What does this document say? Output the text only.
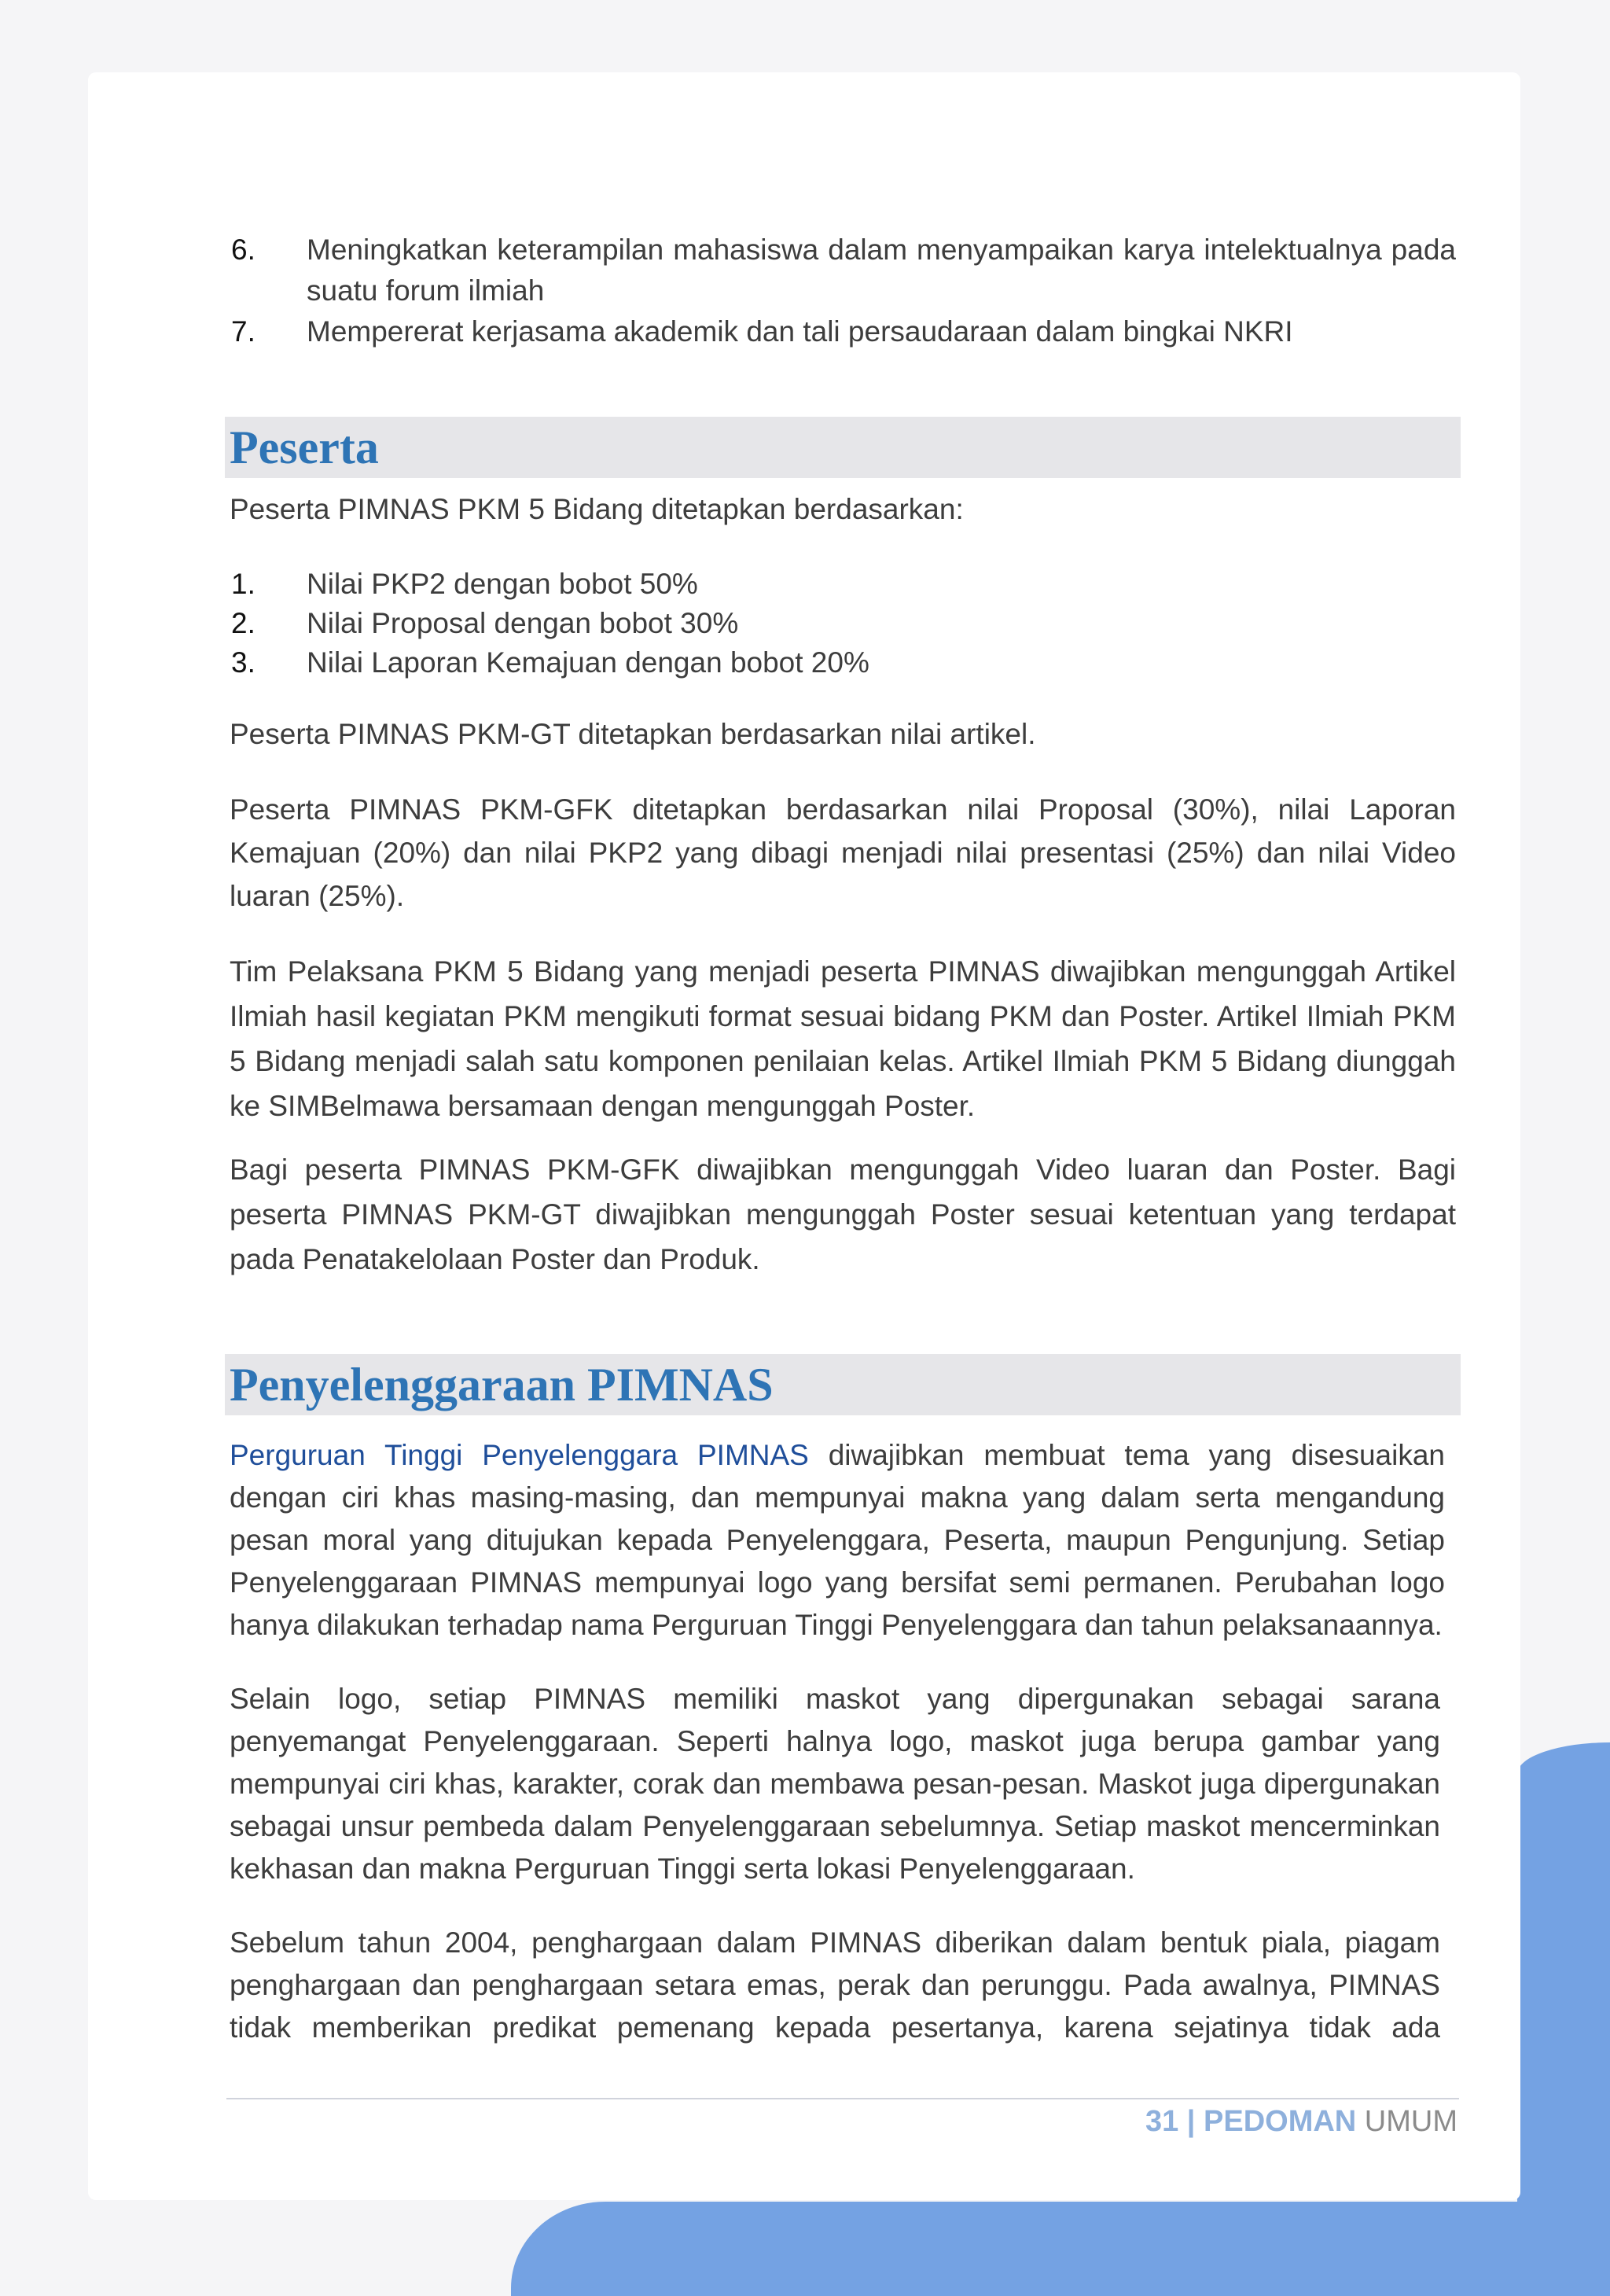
6. Meningkatkan keterampilan mahasiswa dalam menyampaikan karya intelektualnya pada suatu forum ilmiah
7. Mempererat kerjasama akademik dan tali persaudaraan dalam bingkai NKRI
Peserta

Peserta PIMNAS PKM 5 Bidang ditetapkan berdasarkan:

1. Nilai PKP2 dengan bobot 50%
2. Nilai Proposal dengan bobot 30%
3. Nilai Laporan Kemajuan dengan bobot 20%

Peserta PIMNAS PKM-GT ditetapkan berdasarkan nilai artikel.

Peserta PIMNAS PKM-GFK ditetapkan berdasarkan nilai Proposal (30%), nilai Laporan Kemajuan (20%) dan nilai PKP2 yang dibagi menjadi nilai presentasi (25%) dan nilai Video luaran (25%).

Tim Pelaksana PKM 5 Bidang yang menjadi peserta PIMNAS diwajibkan mengunggah Artikel Ilmiah hasil kegiatan PKM mengikuti format sesuai bidang PKM dan Poster. Artikel Ilmiah PKM 5 Bidang menjadi salah satu komponen penilaian kelas. Artikel Ilmiah PKM 5 Bidang diunggah ke SIMBelmawa bersamaan dengan mengunggah Poster.

Bagi peserta PIMNAS PKM-GFK diwajibkan mengunggah Video luaran dan Poster. Bagi peserta PIMNAS PKM-GT diwajibkan mengunggah Poster sesuai ketentuan yang terdapat pada Penatakelolaan Poster dan Produk.

Penyelenggaraan PIMNAS

Perguruan Tinggi Penyelenggara PIMNAS diwajibkan membuat tema yang disesuaikan dengan ciri khas masing-masing, dan mempunyai makna yang dalam serta mengandung pesan moral yang ditujukan kepada Penyelenggara, Peserta, maupun Pengunjung. Setiap Penyelenggaraan PIMNAS mempunyai logo yang bersifat semi permanen. Perubahan logo hanya dilakukan terhadap nama Perguruan Tinggi Penyelenggara dan tahun pelaksanaannya.

Selain logo, setiap PIMNAS memiliki maskot yang dipergunakan sebagai sarana penyemangat Penyelenggaraan. Seperti halnya logo, maskot juga berupa gambar yang mempunyai ciri khas, karakter, corak dan membawa pesan-pesan. Maskot juga dipergunakan sebagai unsur pembeda dalam Penyelenggaraan sebelumnya. Setiap maskot mencerminkan kekhasan dan makna Perguruan Tinggi serta lokasi Penyelenggaraan.

Sebelum tahun 2004, penghargaan dalam PIMNAS diberikan dalam bentuk piala, piagam penghargaan dan penghargaan setara emas, perak dan perunggu. Pada awalnya, PIMNAS tidak memberikan predikat pemenang kepada pesertanya, karena sejatinya tidak ada

31 | PEDOMAN UMUM
